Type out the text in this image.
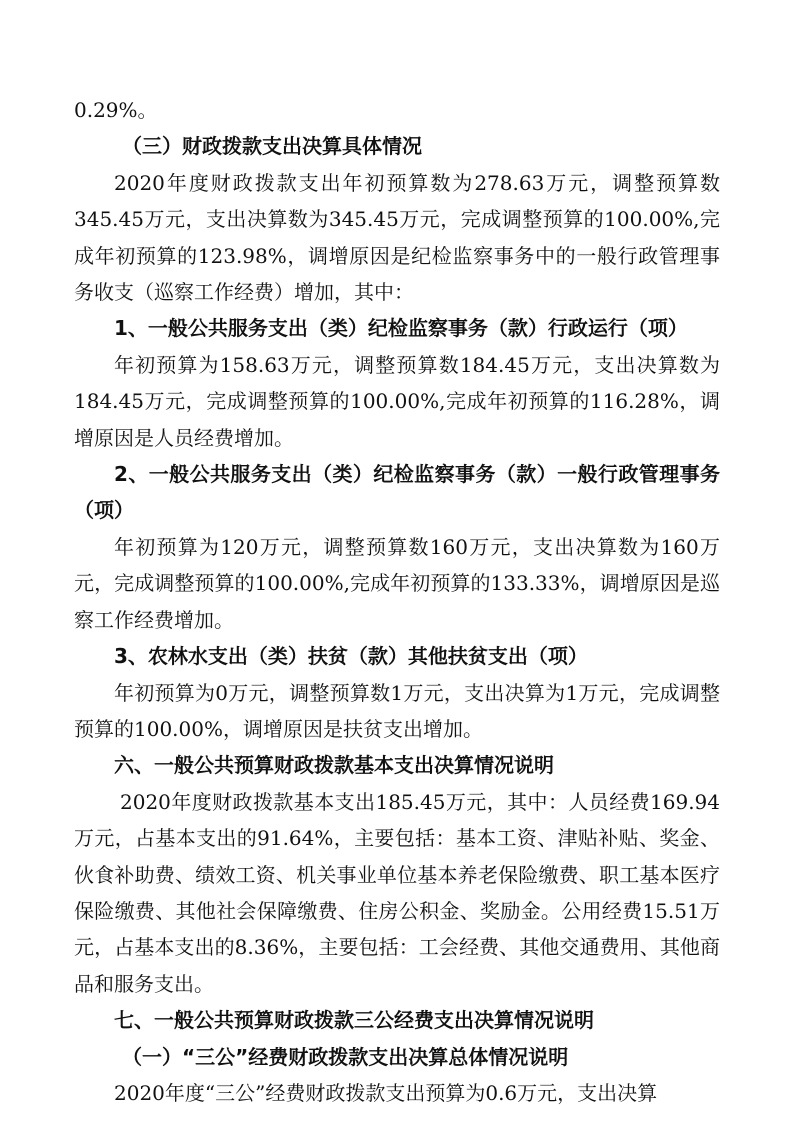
0.29%。

（三）财政拨款支出决算具体情况

2020年度财政拨款支出年初预算数为278.63万元，调整预算数345.45万元，支出决算数为345.45万元，完成调整预算的100.00%,完成年初预算的123.98%，调增原因是纪检监察事务中的一般行政管理事务收支（巡察工作经费）增加，其中：

1、一般公共服务支出（类）纪检监察事务（款）行政运行（项）

年初预算为158.63万元，调整预算数184.45万元，支出决算数为184.45万元，完成调整预算的100.00%,完成年初预算的116.28%，调增原因是人员经费增加。

2、一般公共服务支出（类）纪检监察事务（款）一般行政管理事务（项）

年初预算为120万元，调整预算数160万元，支出决算数为160万元，完成调整预算的100.00%,完成年初预算的133.33%，调增原因是巡察工作经费增加。

3、农林水支出（类）扶贫（款）其他扶贫支出（项）

年初预算为0万元，调整预算数1万元，支出决算为1万元，完成调整预算的100.00%，调增原因是扶贫支出增加。

六、一般公共预算财政拨款基本支出决算情况说明

2020年度财政拨款基本支出185.45万元，其中：人员经费169.94万元，占基本支出的91.64%，主要包括：基本工资、津贴补贴、奖金、伙食补助费、绩效工资、机关事业单位基本养老保险缴费、职工基本医疗保险缴费、其他社会保障缴费、住房公积金、奖励金。公用经费15.51万元，占基本支出的8.36%，主要包括：工会经费、其他交通费用、其他商品和服务支出。

七、一般公共预算财政拨款三公经费支出决算情况说明

（一）“三公”经费财政拨款支出决算总体情况说明

2020年度“三公”经费财政拨款支出预算为0.6万元，支出决算
